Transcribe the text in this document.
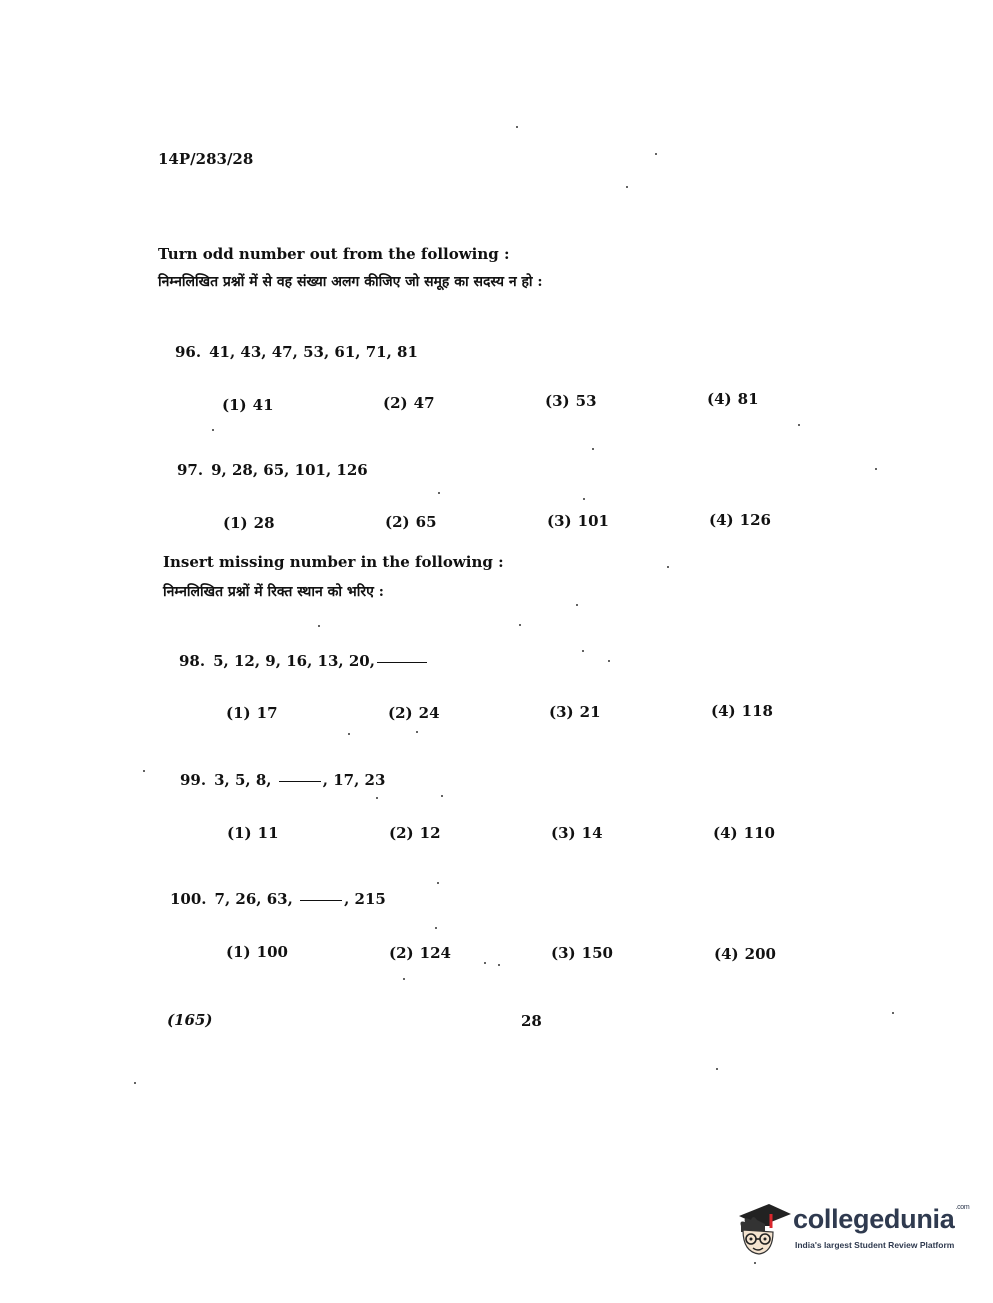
14P/283/28
Turn odd number out from the following :
निम्नलिखित प्रश्नों में से वह संख्या अलग कीजिए जो समूह का सदस्य न हो :
96. 41, 43, 47, 53, 61, 71, 81
(1) 41	(2) 47	(3) 53	(4) 81
97. 9, 28, 65, 101, 126
(1) 28	(2) 65	(3) 101	(4) 126
Insert missing number in the following :
निम्नलिखित प्रश्नों में रिक्त स्थान को भरिए :
98. 5, 12, 9, 16, 13, 20,
(1) 17	(2) 24	(3) 21	(4) 118
99. 3, 5, 8,	, 17, 23
(1) 11	(2) 12	(3) 14	(4) 110
100. 7, 26, 63,	, 215
(1) 100	(2) 124	(3) 150	(4) 200
(165)	28
collegedunia$^{.com}$
India's largest Student Review Platform
